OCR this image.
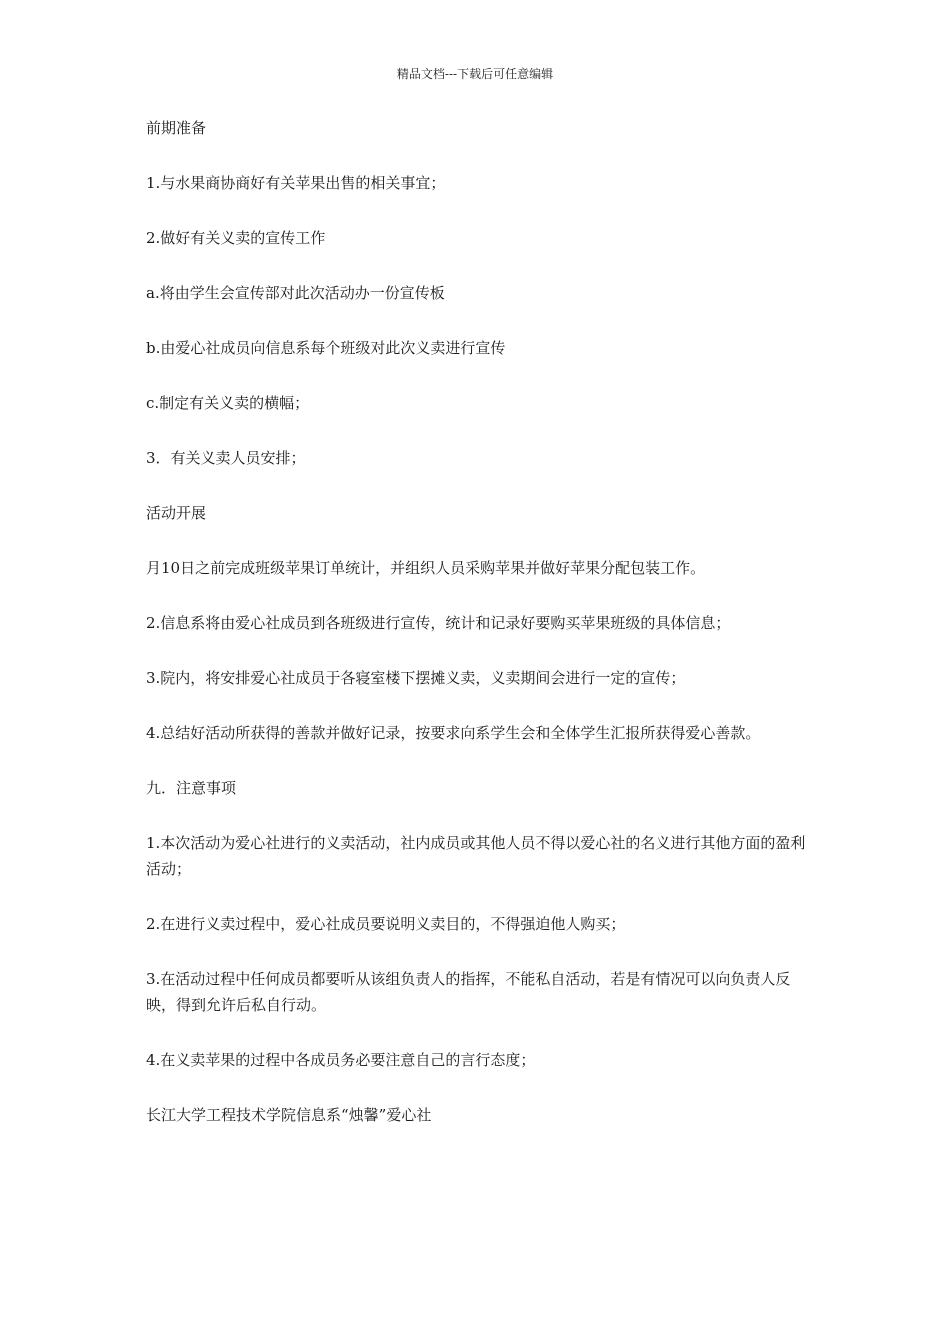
精品文档---下载后可任意编辑

前期准备

1.与水果商协商好有关苹果出售的相关事宜；

2.做好有关义卖的宣传工作

a.将由学生会宣传部对此次活动办一份宣传板

b.由爱心社成员向信息系每个班级对此次义卖进行宣传

c.制定有关义卖的横幅；

3．有关义卖人员安排；

活动开展

月10日之前完成班级苹果订单统计，并组织人员采购苹果并做好苹果分配包装工作。

2.信息系将由爱心社成员到各班级进行宣传，统计和记录好要购买苹果班级的具体信息；

3.院内，将安排爱心社成员于各寝室楼下摆摊义卖，义卖期间会进行一定的宣传；

4.总结好活动所获得的善款并做好记录，按要求向系学生会和全体学生汇报所获得爱心善款。

九．注意事项

1.本次活动为爱心社进行的义卖活动，社内成员或其他人员不得以爱心社的名义进行其他方面的盈利活动；

2.在进行义卖过程中，爱心社成员要说明义卖目的，不得强迫他人购买；

3.在活动过程中任何成员都要听从该组负责人的指挥，不能私自活动，若是有情况可以向负责人反映，得到允许后私自行动。

4.在义卖苹果的过程中各成员务必要注意自己的言行态度；

长江大学工程技术学院信息系“烛馨”爱心社
